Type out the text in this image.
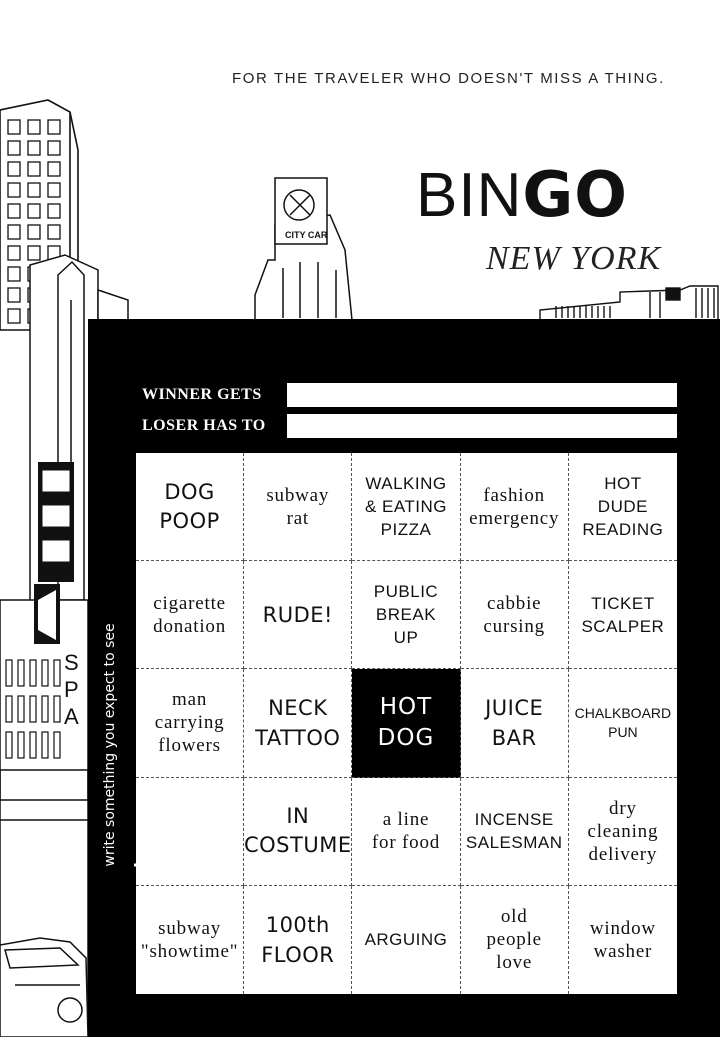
S
P
A
CITY CAR
FOR THE TRAVELER WHO DOESN'T MISS A THING.
BINGO
NEW YORK
WINNER GETS
LOSER HAS TO
write something you expect to see
DOG
POOP
subway
rat
WALKING
& EATING
PIZZA
fashion
emergency
HOT
DUDE
READING
cigarette
donation RUDE!
PUBLIC
BREAK
UP
cabbie
cursing
TICKET
SCALPER
man
carrying
flowers
NECK
TATTOO
HOT
DOG
JUICE
BAR
CHALKBOARD
PUN
IN
COSTUME
a line
for food
INCENSE
SALESMAN
dry
cleaning
delivery
subway
"showtime"
100th
FLOOR
ARGUING
old
people
love
window
washer
